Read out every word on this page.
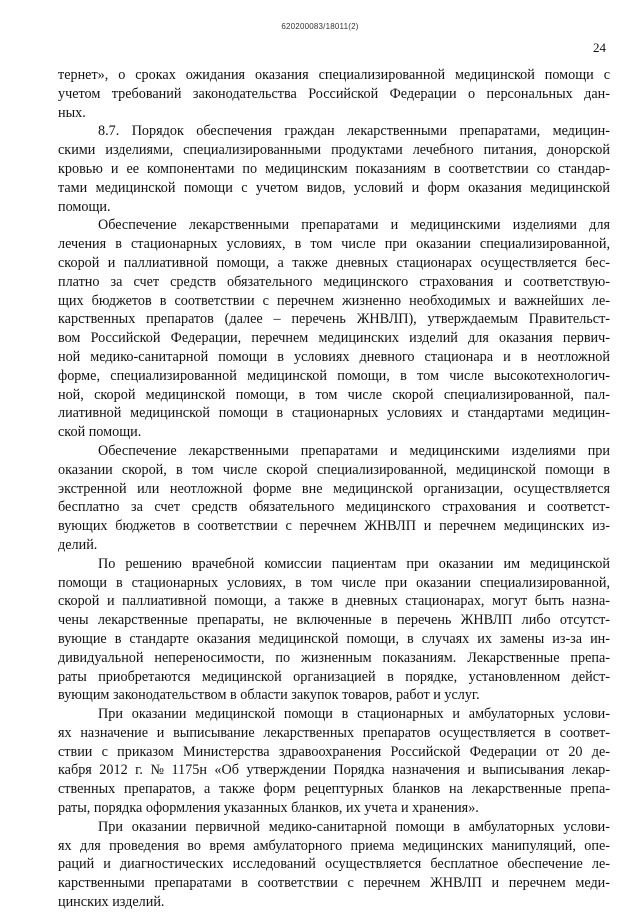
620200083/18011(2)
24
тернет», о сроках ожидания оказания специализированной медицинской помощи с
учетом требований законодательства Российской Федерации о персональных дан-
ных.
8.7. Порядок обеспечения граждан лекарственными препаратами, медицин-
скими изделиями, специализированными продуктами лечебного питания, донорской
кровью и ее компонентами по медицинским показаниям в соответствии со стандар-
тами медицинской помощи с учетом видов, условий и форм оказания медицинской
помощи.
Обеспечение лекарственными препаратами и медицинскими изделиями для
лечения в стационарных условиях, в том числе при оказании специализированной,
скорой и паллиативной помощи, а также дневных стационарах осуществляется бес-
платно за счет средств обязательного медицинского страхования и соответствую-
щих бюджетов в соответствии с перечнем жизненно необходимых и важнейших ле-
карственных препаратов (далее – перечень ЖНВЛП), утверждаемым Правительст-
вом Российской Федерации, перечнем медицинских изделий для оказания первич-
ной медико-санитарной помощи в условиях дневного стационара и в неотложной
форме, специализированной медицинской помощи, в том числе высокотехнологич-
ной, скорой медицинской помощи, в том числе скорой специализированной, пал-
лиативной медицинской помощи в стационарных условиях и стандартами медицин-
ской помощи.
Обеспечение лекарственными препаратами и медицинскими изделиями при
оказании скорой, в том числе скорой специализированной, медицинской помощи в
экстренной или неотложной форме вне медицинской организации, осуществляется
бесплатно за счет средств обязательного медицинского страхования и соответст-
вующих бюджетов в соответствии с перечнем ЖНВЛП и перечнем медицинских из-
делий.
По решению врачебной комиссии пациентам при оказании им медицинской
помощи в стационарных условиях, в том числе при оказании специализированной,
скорой и паллиативной помощи, а также в дневных стационарах, могут быть назна-
чены лекарственные препараты, не включенные в перечень ЖНВЛП либо отсутст-
вующие в стандарте оказания медицинской помощи, в случаях их замены из-за ин-
дивидуальной непереносимости, по жизненным показаниям. Лекарственные препа-
раты приобретаются медицинской организацией в порядке, установленном дейст-
вующим законодательством в области закупок товаров, работ и услуг.
При оказании медицинской помощи в стационарных и амбулаторных услови-
ях назначение и выписывание лекарственных препаратов осуществляется в соответ-
ствии с приказом Министерства здравоохранения Российской Федерации от 20 де-
кабря 2012 г. № 1175н «Об утверждении Порядка назначения и выписывания лекар-
ственных препаратов, а также форм рецептурных бланков на лекарственные препа-
раты, порядка оформления указанных бланков, их учета и хранения».
При оказании первичной медико-санитарной помощи в амбулаторных услови-
ях для проведения во время амбулаторного приема медицинских манипуляций, опе-
раций и диагностических исследований осуществляется бесплатное обеспечение ле-
карственными препаратами в соответствии с перечнем ЖНВЛП и перечнем меди-
цинских изделий.
